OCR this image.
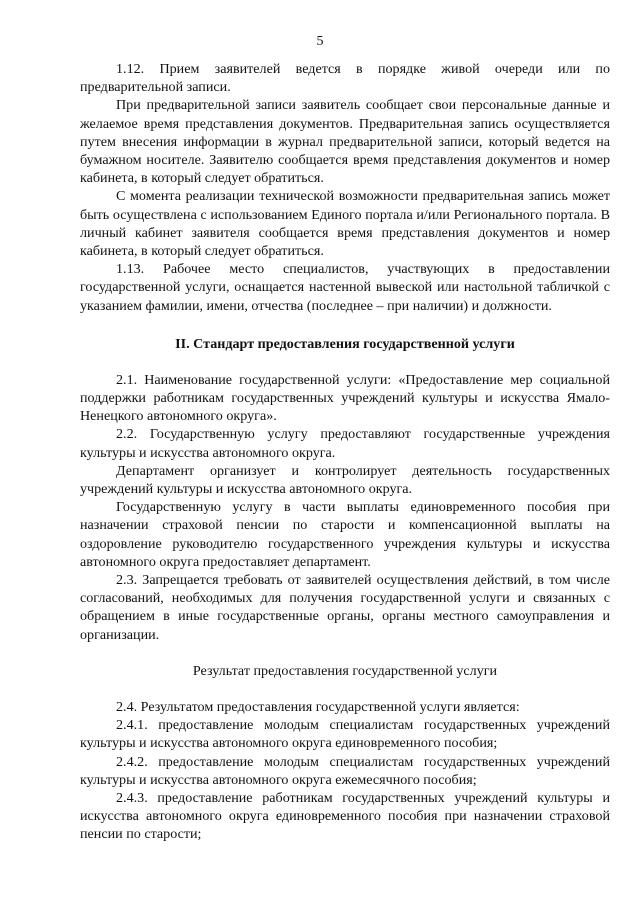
5

1.12. Прием заявителей ведется в порядке живой очереди или по предварительной записи.

При предварительной записи заявитель сообщает свои персональные данные и желаемое время представления документов. Предварительная запись осуществляется путем внесения информации в журнал предварительной записи, который ведется на бумажном носителе. Заявителю сообщается время представления документов и номер кабинета, в который следует обратиться.

С момента реализации технической возможности предварительная запись может быть осуществлена с использованием Единого портала и/или Регионального портала. В личный кабинет заявителя сообщается время представления документов и номер кабинета, в который следует обратиться.

1.13. Рабочее место специалистов, участвующих в предоставлении государственной услуги, оснащается настенной вывеской или настольной табличкой с указанием фамилии, имени, отчества (последнее – при наличии) и должности.

II. Стандарт предоставления государственной услуги

2.1. Наименование государственной услуги: «Предоставление мер социальной поддержки работникам государственных учреждений культуры и искусства Ямало-Ненецкого автономного округа».

2.2. Государственную услугу предоставляют государственные учреждения культуры и искусства автономного округа.

Департамент организует и контролирует деятельность государственных учреждений культуры и искусства автономного округа.

Государственную услугу в части выплаты единовременного пособия при назначении страховой пенсии по старости и компенсационной выплаты на оздоровление руководителю государственного учреждения культуры и искусства автономного округа предоставляет департамент.

2.3. Запрещается требовать от заявителей осуществления действий, в том числе согласований, необходимых для получения государственной услуги и связанных с обращением в иные государственные органы, органы местного самоуправления и организации.

Результат предоставления государственной услуги

2.4. Результатом предоставления государственной услуги является:

2.4.1. предоставление молодым специалистам государственных учреждений культуры и искусства автономного округа единовременного пособия;

2.4.2. предоставление молодым специалистам государственных учреждений культуры и искусства автономного округа ежемесячного пособия;

2.4.3. предоставление работникам государственных учреждений культуры и искусства автономного округа единовременного пособия при назначении страховой пенсии по старости;
